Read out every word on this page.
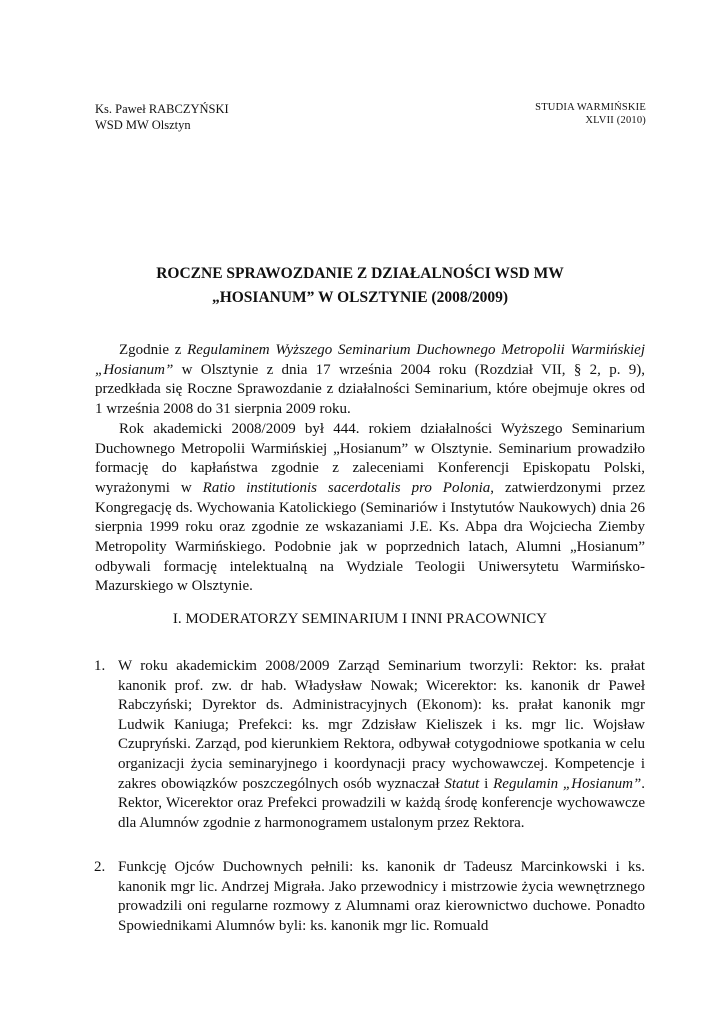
Ks. Paweł RABCZYŃSKI
WSD MW Olsztyn
STUDIA WARMIŃSKIE
XLVII (2010)
ROCZNE SPRAWOZDANIE Z DZIAŁALNOŚCI WSD MW
„HOSIANUM” W OLSZTYNIE (2008/2009)

Zgodnie z Regulaminem Wyższego Seminarium Duchownego Metropolii Warmińskiej „Hosianum” w Olsztynie z dnia 17 września 2004 roku (Rozdział VII, § 2, p. 9), przedkłada się Roczne Sprawozdanie z działalności Seminarium, które obejmuje okres od 1 września 2008 do 31 sierpnia 2009 roku.

Rok akademicki 2008/2009 był 444. rokiem działalności Wyższego Seminarium Duchownego Metropolii Warmińskiej „Hosianum” w Olsztynie. Seminarium prowadziło formację do kapłaństwa zgodnie z zaleceniami Konferencji Episkopatu Polski, wyrażonymi w Ratio institutionis sacerdotalis pro Polonia, zatwierdzonymi przez Kongregację ds. Wychowania Katolickiego (Seminariów i Instytutów Naukowych) dnia 26 sierpnia 1999 roku oraz zgodnie ze wskazaniami J.E. Ks. Abpa dra Wojciecha Ziemby Metropolity Warmińskiego. Podobnie jak w poprzednich latach, Alumni „Hosianum” odbywali formację intelektualną na Wydziale Teologii Uniwersytetu Warmińsko-Mazurskiego w Olsztynie.

I. MODERATORZY SEMINARIUM I INNI PRACOWNICY
1. W roku akademickim 2008/2009 Zarząd Seminarium tworzyli: Rektor: ks. prałat kanonik prof. zw. dr hab. Władysław Nowak; Wicerektor: ks. kanonik dr Paweł Rabczyński; Dyrektor ds. Administracyjnych (Ekonom): ks. prałat kanonik mgr Ludwik Kaniuga; Prefekci: ks. mgr Zdzisław Kieliszek i ks. mgr lic. Wojsław Czupryński. Zarząd, pod kierunkiem Rektora, odbywał cotygodniowe spotkania w celu organizacji życia seminaryjnego i koordynacji pracy wychowawczej. Kompetencje i zakres obowiązków poszczególnych osób wyznaczał Statut i Regulamin „Hosianum”. Rektor, Wicerektor oraz Prefekci prowadzili w każdą środę konferencje wychowawcze dla Alumnów zgodnie z harmonogramem ustalonym przez Rektora.
2. Funkcję Ojców Duchownych pełnili: ks. kanonik dr Tadeusz Marcinkowski i ks. kanonik mgr lic. Andrzej Migrała. Jako przewodnicy i mistrzowie życia wewnętrznego prowadzili oni regularne rozmowy z Alumnami oraz kierownictwo duchowe. Ponadto Spowiednikami Alumnów byli: ks. kanonik mgr lic. Romuald
